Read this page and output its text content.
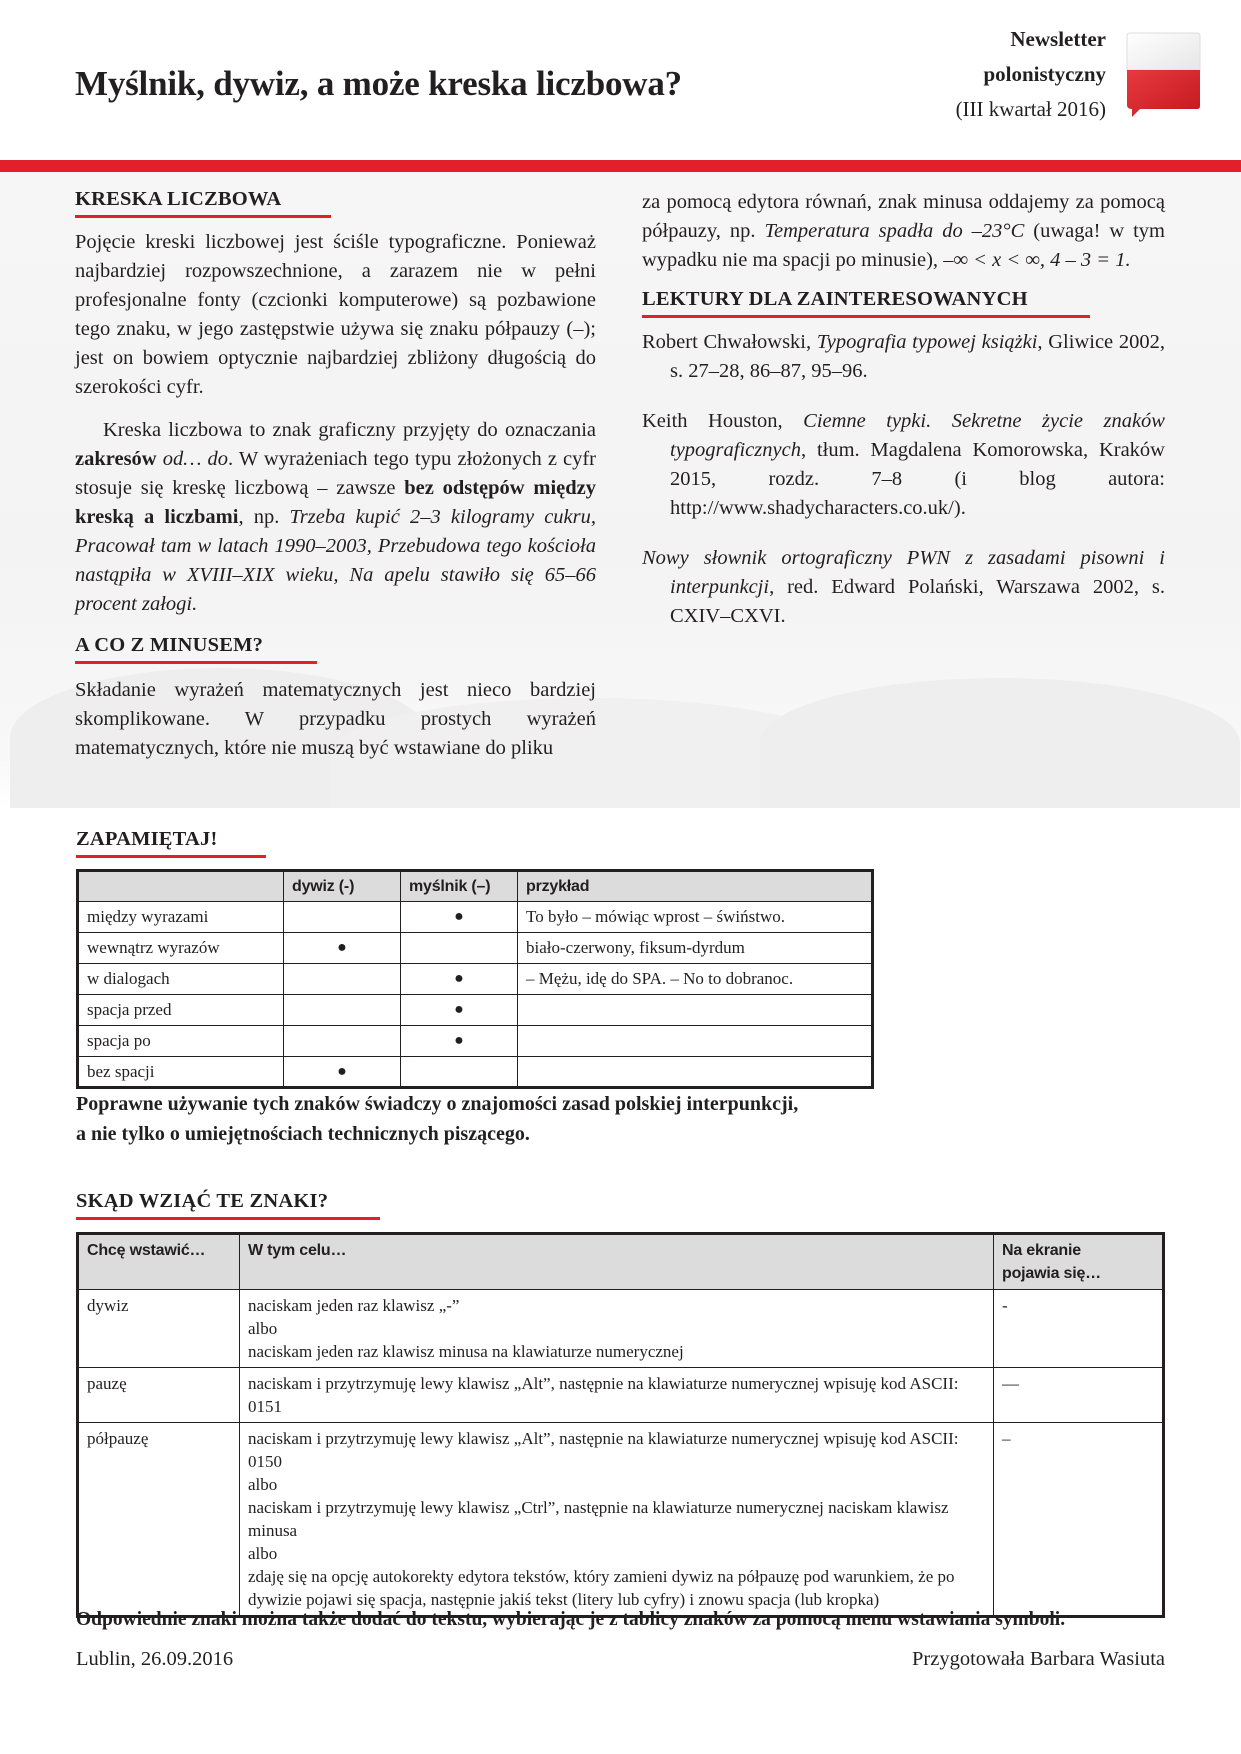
Myślnik, dywiz, a może kreska liczbowa?
Newsletter
polonistyczny
(III kwartał 2016)
KRESKA LICZBOWA

Pojęcie kreski liczbowej jest ściśle typograficzne. Ponieważ najbardziej rozpowszechnione, a zarazem nie w pełni profesjonalne fonty (czcionki komputerowe) są pozbawione tego znaku, w jego zastępstwie używa się znaku półpauzy (–); jest on bowiem optycznie najbardziej zbliżony długością do szerokości cyfr.

Kreska liczbowa to znak graficzny przyjęty do oznaczania zakresów od… do. W wyrażeniach tego typu złożonych z cyfr stosuje się kreskę liczbową – zawsze bez odstępów między kreską a liczbami, np. Trzeba kupić 2–3 kilogramy cukru, Pracował tam w latach 1990–2003, Przebudowa tego kościoła nastąpiła w XVIII–XIX wieku, Na apelu stawiło się 65–66 procent załogi.

A CO Z MINUSEM?

Składanie wyrażeń matematycznych jest nieco bardziej skomplikowane. W przypadku prostych wyrażeń matematycznych, które nie muszą być wstawiane do pliku

za pomocą edytora równań, znak minusa oddajemy za pomocą półpauzy, np. Temperatura spadła do –23°C (uwaga! w tym wypadku nie ma spacji po minusie), –∞ < x < ∞, 4 – 3 = 1.

LEKTURY DLA ZAINTERESOWANYCH

Robert Chwałowski, Typografia typowej książki, Gliwice 2002, s. 27–28, 86–87, 95–96.

Keith Houston, Ciemne typki. Sekretne życie znaków typograficznych, tłum. Magdalena Komorowska, Kraków 2015, rozdz. 7–8 (i blog autora: http://www.shadycharacters.co.uk/).

Nowy słownik ortograficzny PWN z zasadami pisowni i interpunkcji, red. Edward Polański, Warszawa 2002, s. CXIV–CXVI.

ZAPAMIĘTAJ!
	dywiz (-)	myślnik (–)	przykład
między wyrazami		●	To było – mówiąc wprost – świństwo.
wewnątrz wyrazów	●		biało-czerwony, fiksum-dyrdum
w dialogach		●	– Mężu, idę do SPA. – No to dobranoc.
spacja przed		●	
spacja po		●	
bez spacji	●		
Poprawne używanie tych znaków świadczy o znajomości zasad polskiej interpunkcji,
a nie tylko o umiejętnościach technicznych piszącego.
SKĄD WZIĄĆ TE ZNAKI?
Chcę wstawić…	W tym celu…	Na ekranie
pojawia się…

dywiz	naciskam jeden raz klawisz „-”
albo
naciskam jeden raz klawisz minusa na klawiaturze numerycznej	-
pauzę	naciskam i przytrzymuję lewy klawisz „Alt”, następnie na klawiaturze numerycznej wpisuję kod ASCII: 0151	—
półpauzę	naciskam i przytrzymuję lewy klawisz „Alt”, następnie na klawiaturze numerycznej wpisuję kod ASCII: 0150
albo
naciskam i przytrzymuję lewy klawisz „Ctrl”, następnie na klawiaturze numerycznej naciskam klawisz minusa
albo
zdaję się na opcję autokorekty edytora tekstów, który zamieni dywiz na półpauzę pod warunkiem, że po dywizie pojawi się spacja, następnie jakiś tekst (litery lub cyfry) i znowu spacja (lub kropka)	–
Odpowiednie znaki można także dodać do tekstu, wybierając je z tablicy znaków za pomocą menu wstawiania symboli.
Lublin, 26.09.2016	Przygotowała Barbara Wasiuta
